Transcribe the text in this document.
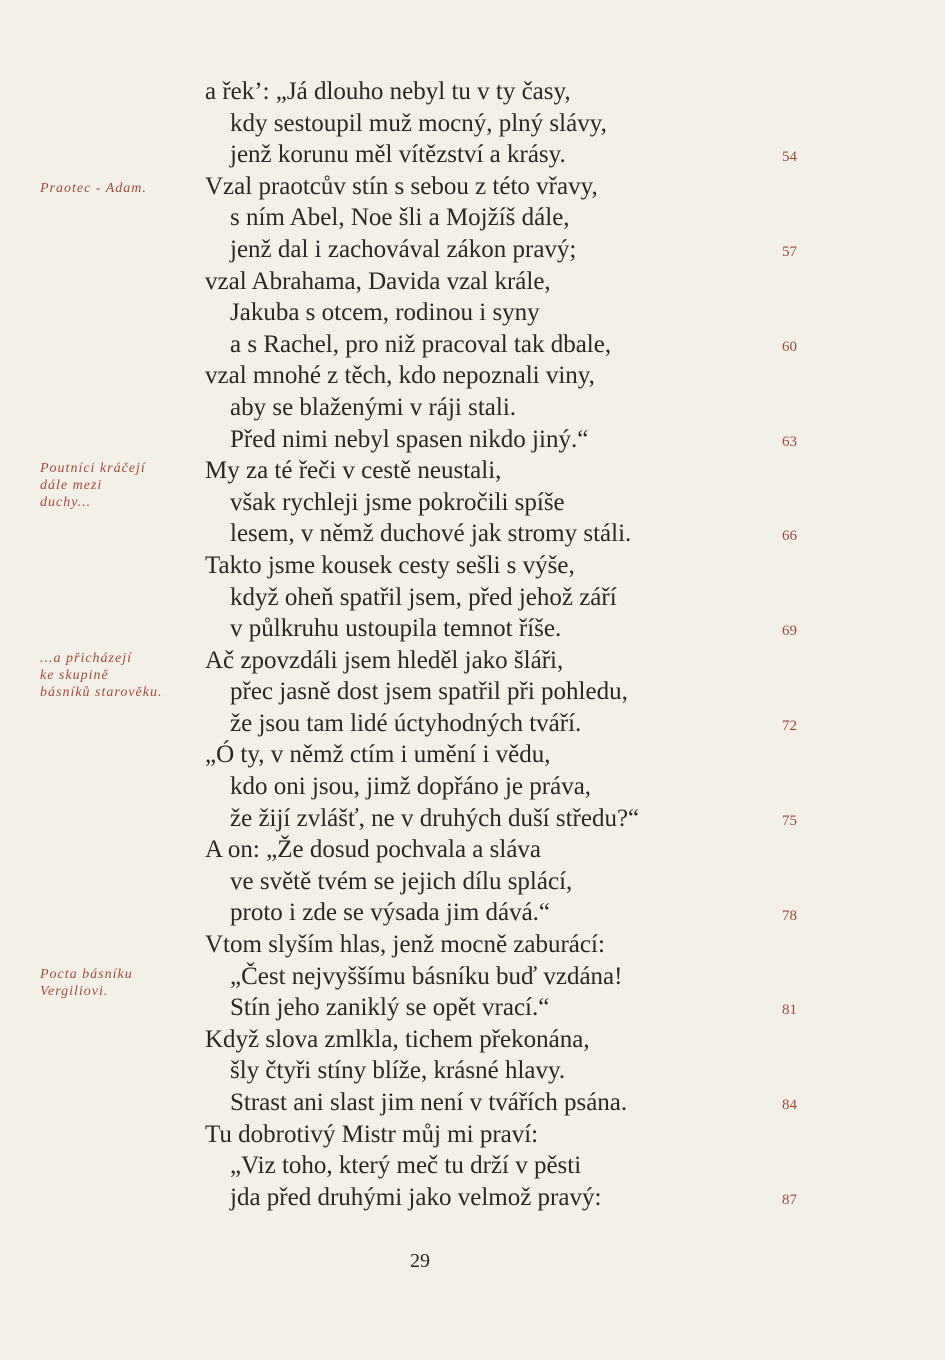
a řek’: „Já dlouho nebyl tu v ty časy,
kdy sestoupil muž mocný, plný slávy,
jenž korunu měl vítězství a krásy.
Vzal praotcův stín s sebou z této vřavy,
s ním Abel, Noe šli a Mojžíš dále,
jenž dal i zachovával zákon pravý;
vzal Abrahama, Davida vzal krále,
Jakuba s otcem, rodinou i syny
a s Rachel, pro niž pracoval tak dbale,
vzal mnohé z těch, kdo nepoznali viny,
aby se blaženými v ráji stali.
Před nimi nebyl spasen nikdo jiný.“
My za té řeči v cestě neustali,
však rychleji jsme pokročili spíše
lesem, v němž duchové jak stromy stáli.
Takto jsme kousek cesty sešli s výše,
když oheň spatřil jsem, před jehož září
v půlkruhu ustoupila temnot říše.
Ač zpovzdáli jsem hleděl jako šláři,
přec jasně dost jsem spatřil při pohledu,
že jsou tam lidé úctyhodných tváří.
„Ó ty, v němž ctím i umění i vědu,
kdo oni jsou, jimž dopřáno je práva,
že žijí zvlášť, ne v druhých duší středu?“
A on: „Že dosud pochvala a sláva
ve světě tvém se jejich dílu splácí,
proto i zde se výsada jim dává.“
Vtom slyším hlas, jenž mocně zaburácí:
„Čest nejvyššímu básníku buď vzdána!
Stín jeho zaniklý se opět vrací.“
Když slova zmlkla, tichem překonána,
šly čtyři stíny blíže, krásné hlavy.
Strast ani slast jim není v tvářích psána.
Tu dobrotivý Mistr můj mi praví:
„Viz toho, který meč tu drží v pěsti
jda před druhými jako velmož pravý:
54
57
60
63
66
69
72
75
78
81
84
87
Praotec - Adam.
Poutníci kráčejí
dále mezi
duchy...
...a přicházejí
ke skupině
básníků starověku.
Pocta básníku
Vergiliovi.
29
